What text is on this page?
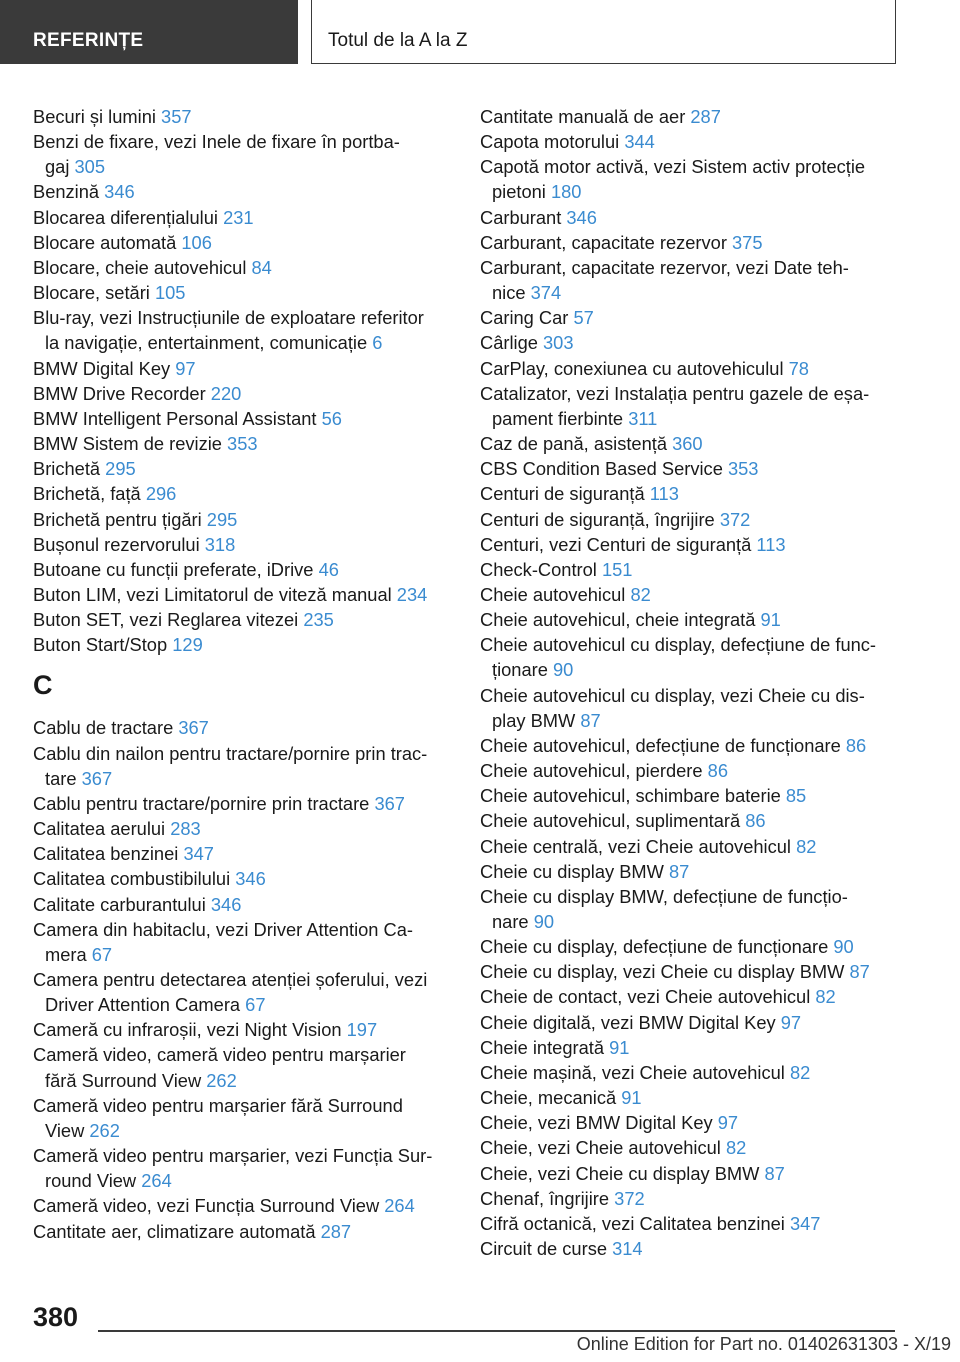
REFERINȚE	Totul de la A la Z
Becuri și lumini 357
Benzi de fixare, vezi Inele de fixare în portba-
gaj 305
Benzină 346
Blocarea diferențialului 231
Blocare automată 106
Blocare, cheie autovehicul 84
Blocare, setări 105
Blu-ray, vezi Instrucțiunile de exploatare referitor
la navigație, entertainment, comunicație 6
BMW Digital Key 97
BMW Drive Recorder 220
BMW Intelligent Personal Assistant 56
BMW Sistem de revizie 353
Brichetă 295
Brichetă, față 296
Brichetă pentru țigări 295
Bușonul rezervorului 318
Butoane cu funcții preferate, iDrive 46
Buton LIM, vezi Limitatorul de viteză manual 234
Buton SET, vezi Reglarea vitezei 235
Buton Start/Stop 129
C
Cablu de tractare 367
Cablu din nailon pentru tractare/pornire prin trac-
tare 367
Cablu pentru tractare/pornire prin tractare 367
Calitatea aerului 283
Calitatea benzinei 347
Calitatea combustibilului 346
Calitate carburantului 346
Camera din habitaclu, vezi Driver Attention Ca-
mera 67
Camera pentru detectarea atenției șoferului, vezi
Driver Attention Camera 67
Cameră cu infraroșii, vezi Night Vision 197
Cameră video, cameră video pentru marșarier
fără Surround View 262
Cameră video pentru marșarier fără Surround
View 262
Cameră video pentru marșarier, vezi Funcția Sur-
round View 264
Cameră video, vezi Funcția Surround View 264
Cantitate aer, climatizare automată 287
Cantitate manuală de aer 287
Capota motorului 344
Capotă motor activă, vezi Sistem activ protecție
pietoni 180
Carburant 346
Carburant, capacitate rezervor 375
Carburant, capacitate rezervor, vezi Date teh-
nice 374
Caring Car 57
Cârlige 303
CarPlay, conexiunea cu autovehiculul 78
Catalizator, vezi Instalația pentru gazele de eșa-
pament fierbinte 311
Caz de pană, asistență 360
CBS Condition Based Service 353
Centuri de siguranță 113
Centuri de siguranță, îngrijire 372
Centuri, vezi Centuri de siguranță 113
Check-Control 151
Cheie autovehicul 82
Cheie autovehicul, cheie integrată 91
Cheie autovehicul cu display, defecțiune de func-
ționare 90
Cheie autovehicul cu display, vezi Cheie cu dis-
play BMW 87
Cheie autovehicul, defecțiune de funcționare 86
Cheie autovehicul, pierdere 86
Cheie autovehicul, schimbare baterie 85
Cheie autovehicul, suplimentară 86
Cheie centrală, vezi Cheie autovehicul 82
Cheie cu display BMW 87
Cheie cu display BMW, defecțiune de funcțio-
nare 90
Cheie cu display, defecțiune de funcționare 90
Cheie cu display, vezi Cheie cu display BMW 87
Cheie de contact, vezi Cheie autovehicul 82
Cheie digitală, vezi BMW Digital Key 97
Cheie integrată 91
Cheie mașină, vezi Cheie autovehicul 82
Cheie, mecanică 91
Cheie, vezi BMW Digital Key 97
Cheie, vezi Cheie autovehicul 82
Cheie, vezi Cheie cu display BMW 87
Chenaf, îngrijire 372
Cifră octanică, vezi Calitatea benzinei 347
Circuit de curse 314
380
Online Edition for Part no. 01402631303 - X/19
